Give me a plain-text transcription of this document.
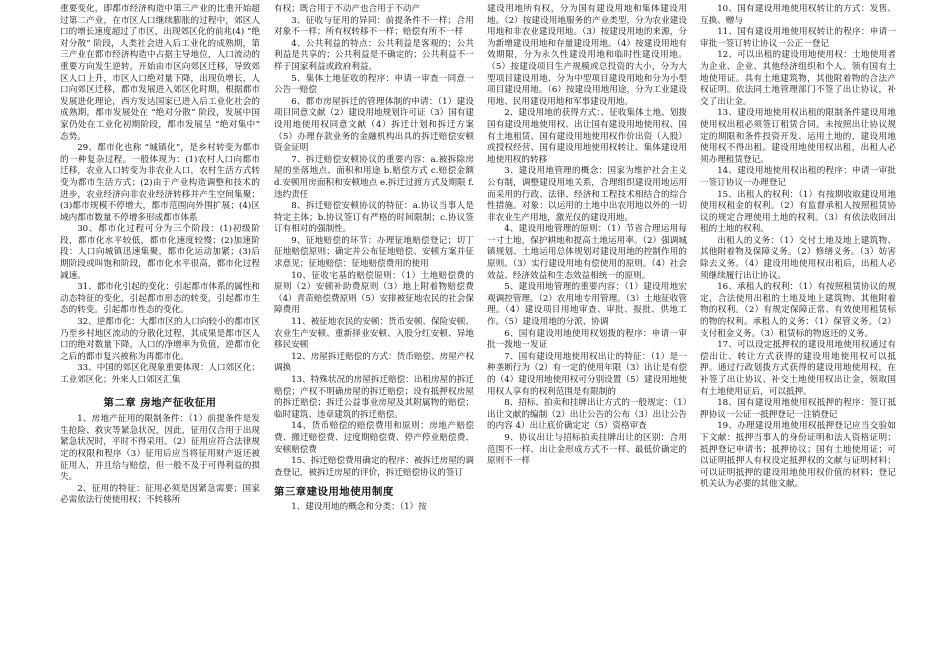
重要变化，即都市经济构造中第三产业的比重开始超过第二产业，在市区人口继续膨胀的过程中，郊区人口的增长速度超过了市区，出现郊区化的前兆(4) “绝对分散” 阶段，人类社会进入后工业化的成熟期，第三产业在都市经济构造中占据主导地位，人口流动的重要方向发生逆转，开始由市区向郊区迁移，导致郊区人口上升，市区人口绝对量下降，出现负增长，人口向郊区迁移，都市发展进入郊区化时期，根据都市发展进化理论，西方发达国家已进入后工业化社会的成熟期，都市发展处在 “绝对分散” 阶段，发展中国家仍处在工业化初期阶段，都市发展呈 “绝对集中” 态势。

29、都市化也称 “城镇化”，是乡村转变为都市的一种复杂过程。一般体现为：(1)农村人口向都市迁移，农业人口转变为非农业人口，农村生活方式转变为都市生活方式；(2)由于产业构造调整和技术的进步，农业经济向非农业经济转移并产生空间集聚；(3)都市规模不停增大，都市范围向外围扩展；(4)区域内都市数量不停增多形成都市体系

30、都市化过程可分为三个阶段：(1)初级阶段，都市化水平较低，都市化速度较慢；(2)加速阶段：人口向城镇迅速集聚，都市化运动加紧；(3)后期阶段或叫饱和阶段，都市化水平很高，都市化过程减速。

31、都市化引起的变化：引起都市体系的属性和动态特征的变化，引起都市形态的转变，引起都市生态的转变。引起都市性态的变化。

32、逆都市化：大都市区的人口向较小的都市区乃至乡村地区流动的分散化过程，其成果是都市区人口的绝对数量下降，人口的净增率为负值，逆都市化之后的都市复兴被称为再都市化。

33、中国的郊区化现象重要体现：人口郊区化；工业郊区化；外来人口郊区汇集

第二章 房地产征收征用

1、房地产征用的限制条件：（1）前提条件是发生抢险、救灾等紧急状况，因此，征用仅合用于出现紧急状况时，平时不得采用。（2）征用应符合法律规定的权限和程序（3）征用后应当将征用财产返还被征用人，并且给与赔偿，但一般不及于可得利益的损失。

2、征用的特征：征用必须是因紧急需要；国家必需依法行使使用权；不转移所

有权；既合用于不动产也合用于不动产

3、征收与征用的异同：前提条件不一样；合用对象不一样；所有权转移不一样；赔偿有所不一样

4、公共利益的特点：公共利益是客观的；公共利益是共享的；公共利益是不确定的；公共利益不一样于国家利益或政府利益。

5、集体土地征收的程序：申请一审查一同意一公告一赔偿

6、都市房屋拆迁的管理体制的申请：（1）建设项目同意文献（2）建设用地规划许可证（3）国有建设用地使用权同意文献（4）拆迁计划和拆迁方案（5）办理存款业务的金融机构出具的拆迁赔偿安顿资金证明

7、拆迁赔偿安顿协议的重要内容：a.被拆除房屋的坐落地点、面积和用途 b.赔偿方式 c.赔偿金额 d.安顿用房面积和安顿地点 e.拆迁过渡方式及期限 f.违约责任

8、拆迁赔偿安顿协议的特征：a.协议当事人是特定主体；b.协议签订有严格的时间限制；c.协议签订有相对的强制性。

9、征地赔偿的环节：办理征地赔偿登记；切丁征地赔偿原则；确定并公布征地赔偿、安顿方案并征求意见；征地赔偿：征地赔偿费用的使用

10、征收宅基的赔偿原则：（1）土地赔偿费的原则（2）安顿补助费原则（3）地上附着物赔偿费（4）青苗赔偿费原则（5）安排被征地农民的社会保障费用

11、被征地农民的安顿：货币安顿、保险安顿、农业生产安顿、重新择业安顿、入股分红安顿、异地移民安顿

12、房屋拆迁赔偿的方式：货币赔偿、房屋产权调换

13、特殊状况的房屋拆迁赔偿：出租房屋的拆迁赔偿；产权不明确房屋的拆迁赔偿；设有抵押权房屋的拆迁赔偿；拆迁公益事业房屋及其附属物的赔偿；临时建筑、违章建筑的拆迁赔偿。

14、货币赔偿的赔偿费用和原则：房地产赔偿费、搬迁赔偿费、过度期赔偿费、停产停业赔偿费、安顿赔偿费

15、拆迁赔偿费用确定的程序：被拆迁房屋的调查登记，被拆迁房屋的评价，拆迁赔偿协议的签订

第三章建设用地使用制度

1、建设用地的概念和分类：（1）按

建设用地所有权，分为国有建设用地和集体建设用地。（2）按建设用地服务的产业类型，分为农业建设用地和非农业建设用地。（3）按建设用地的来源，分为新增建设用地和存量建设用地。（4）按建设用地有效期限，分为永久性建设用地和临时性建设用地。（5）按建设项目生产规模或总投资的大小，分为大型项目建设用地、分为中型项目建设用地和分为小型项目建设用地。（6）按建设用地用途，分为工业建设用地、民用建设用地和军事建设用地。

2、建设用地的获得方式：、征收集体土地、划拨国有建设用地使用权、出让国有建设用地使用权、国有土地租赁、国有建设用地使用权作价出资（入股）或授权经营、国有建设用地使用权转让、集体建设用地使用权的转移

3、建设用地管理的概念：国家为维护社会主义公有制，调整建设用地关系，合理组织建设用地运用而采用的行政、法律、经济和工程技术相结合的综合性措施。对象：以运用的土地中出农用地以外的一切非农业生产用地，激光仪的建设用地。

4、建设用地管理的原则：（1）节省合理运用每一寸土地，保护耕地和提高土地运用率。（2）强调城镇规划、土地运用总体规划对建设用地的控制作用的原则。（3）实行建设用地有偿使用的原则。（4）社会效益、经济效益和生态效益相统一的原则。

5、建设用地管理的重要内容：（1）建设用地宏观调控管理。（2）农用地专用管理。（3）土地征收管理。（4）建设项目用地审查、审批、报批、供地工作。（5）建设用地的分派、协调

6、国有建设用地使用权划拨的程序：申请一审批一拨地一发证

7、国有建设用地使用权出让的特征：（1）是一种垄断行为（2）有一定的使用年限（3）出让是有偿的（4）建设用地使用权可分别设置（5）建设用地使用权人享有的权利范围是有限制的

8、招标、拍卖和挂牌出让方式的一般规定：（1）出让文献的编制（2）出让公告的公布（3）出让公告的内容 4）出让底价确定定（5）资格审查

9、协议出让与招标拍卖挂牌出让的区别：合用范围不一样、出让金形成方式不一样、最低价确定的原则不一样

10、国有建设用地使用权转让的方式：发售、互换、赠与

11、国有建设用地使用权转让的程序：申请一审批一签订转让协议一公正一登记

12、可以出租的建设用地使用权：土地使用者为企业、企业、其他经济组织和个人。领有国有土地使用证。具有土地建筑物，其他附着物的合法产权证明。依法同土地管理部门不签了出让协议，补交了出让金。

13、建设用地使用权出租的限制条件建设用地使用权出租必须签订租赁合同。未按照出让协议规定的期限和条件投资开发、运用土地的，建设用地使用权不得出租。建设用地使用权出租，出租人必须办理租赁登记。

14、建设用地使用权出租的程序：申请一审批一签订协议一办理登记

15、出租人的权利：（1）有按期收取建设用地使用权租金的权利。（2）有监督承租人按照租赁协议的规定合理使用土地的权利。（3）有依法收回出租的土地的权利。

出租人的义务：（1）交付土地及地上建筑物、其他附着物及保障义务。（2）修缮义务。（3）妨害除去义务。（4）建设用地使用权出租后，出租人必须继续履行出让协议。

16、承租人的权利：（1）有按照租赁协议的规定，合法使用出租的土地及地上建筑物、其他附着物的权利。（2）有规定保障正常、有效使用租赁标的物的权利。承租人的义务：（1）保管义务。（2）支付租金义务。（3）租赁标的物返还的义务。

17、可以设定抵押权的建设用地使用权通过有偿出让、转让方式获得的建设用地使用权可以抵押。通过行政划拨方式获得的建设用地使用权，在补签了出让协议、补交土地使用权出让金，领取国有土地使用证后，可以抵押。

18、国有建设用地使用权抵押的程序：签订抵押协议一公证一抵押登记一注销登记

19、办理建设用地使用权抵押登记应当交验如下文献：抵押当事人的身份证明和法人资格证明；抵押登记申请书；抵押协议；国有土地使用证；可以证明抵押人有权设定抵押权的文献与证明材料；可以证明抵押的建设用地使用权价值的材料；登记机关认为必要的其他文献。
